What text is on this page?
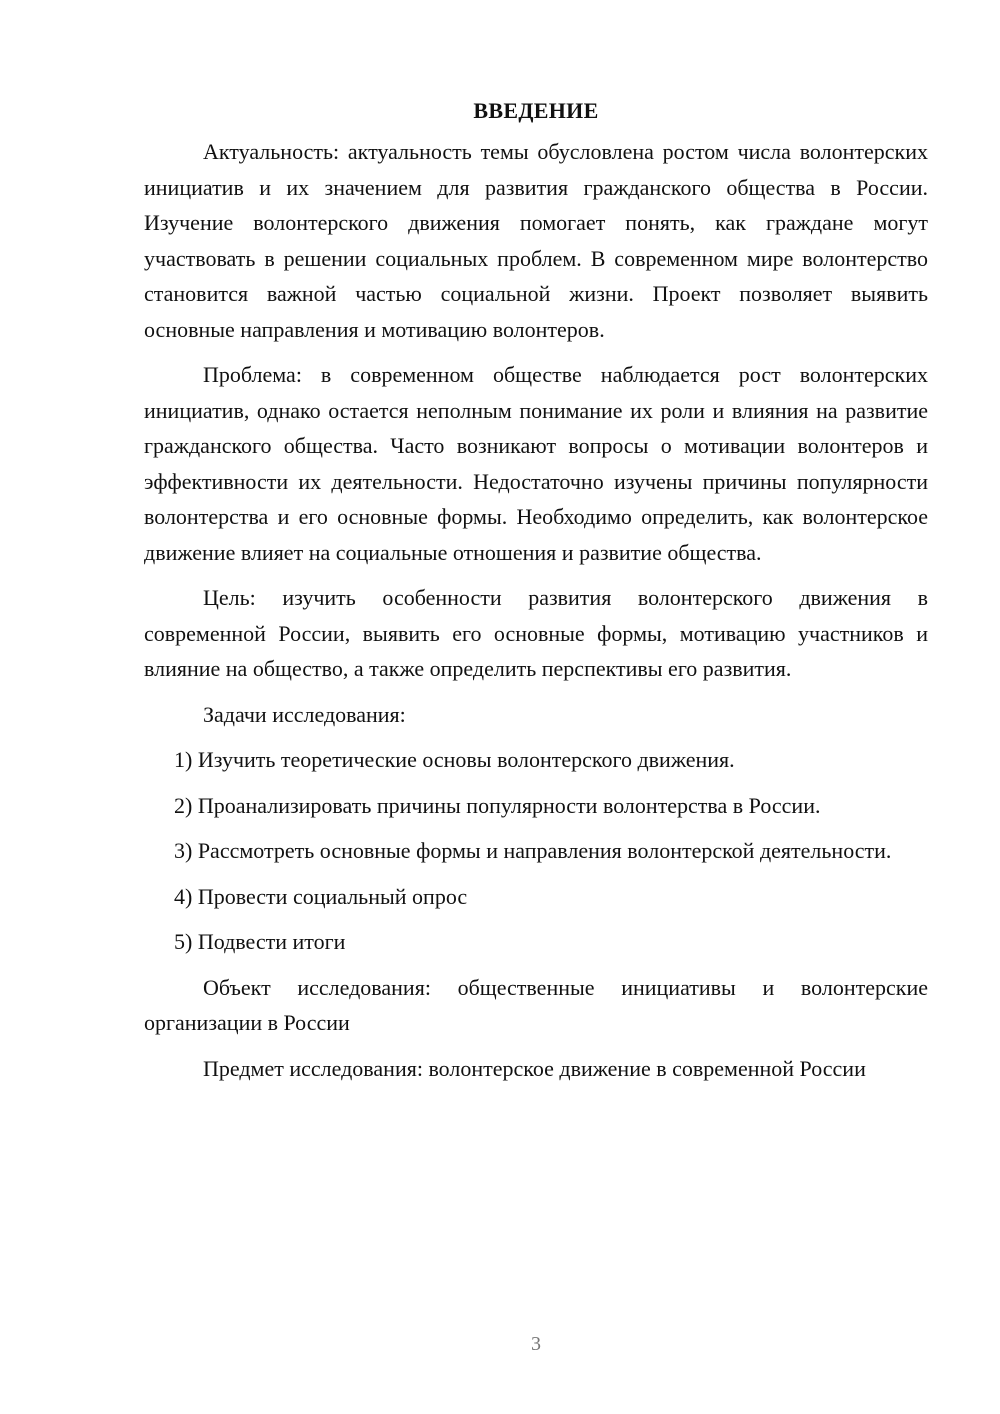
ВВЕДЕНИЕ

Актуальность: актуальность темы обусловлена ростом числа волонтерских инициатив и их значением для развития гражданского общества в России. Изучение волонтерского движения помогает понять, как граждане могут участвовать в решении социальных проблем. В современном мире волонтерство становится важной частью социальной жизни. Проект позволяет выявить основные направления и мотивацию волонтеров.

Проблема: в современном обществе наблюдается рост волонтерских инициатив, однако остается неполным понимание их роли и влияния на развитие гражданского общества. Часто возникают вопросы о мотивации волонтеров и эффективности их деятельности. Недостаточно изучены причины популярности волонтерства и его основные формы. Необходимо определить, как волонтерское движение влияет на социальные отношения и развитие общества.

Цель: изучить особенности развития волонтерского движения в современной России, выявить его основные формы, мотивацию участников и влияние на общество, а также определить перспективы его развития.

Задачи исследования:

1) Изучить теоретические основы волонтерского движения.

2) Проанализировать причины популярности волонтерства в России.

3) Рассмотреть основные формы и направления волонтерской деятельности.

4) Провести социальный опрос

5) Подвести итоги

Объект исследования: общественные инициативы и волонтерские организации в России

Предмет исследования: волонтерское движение в современной России

3
